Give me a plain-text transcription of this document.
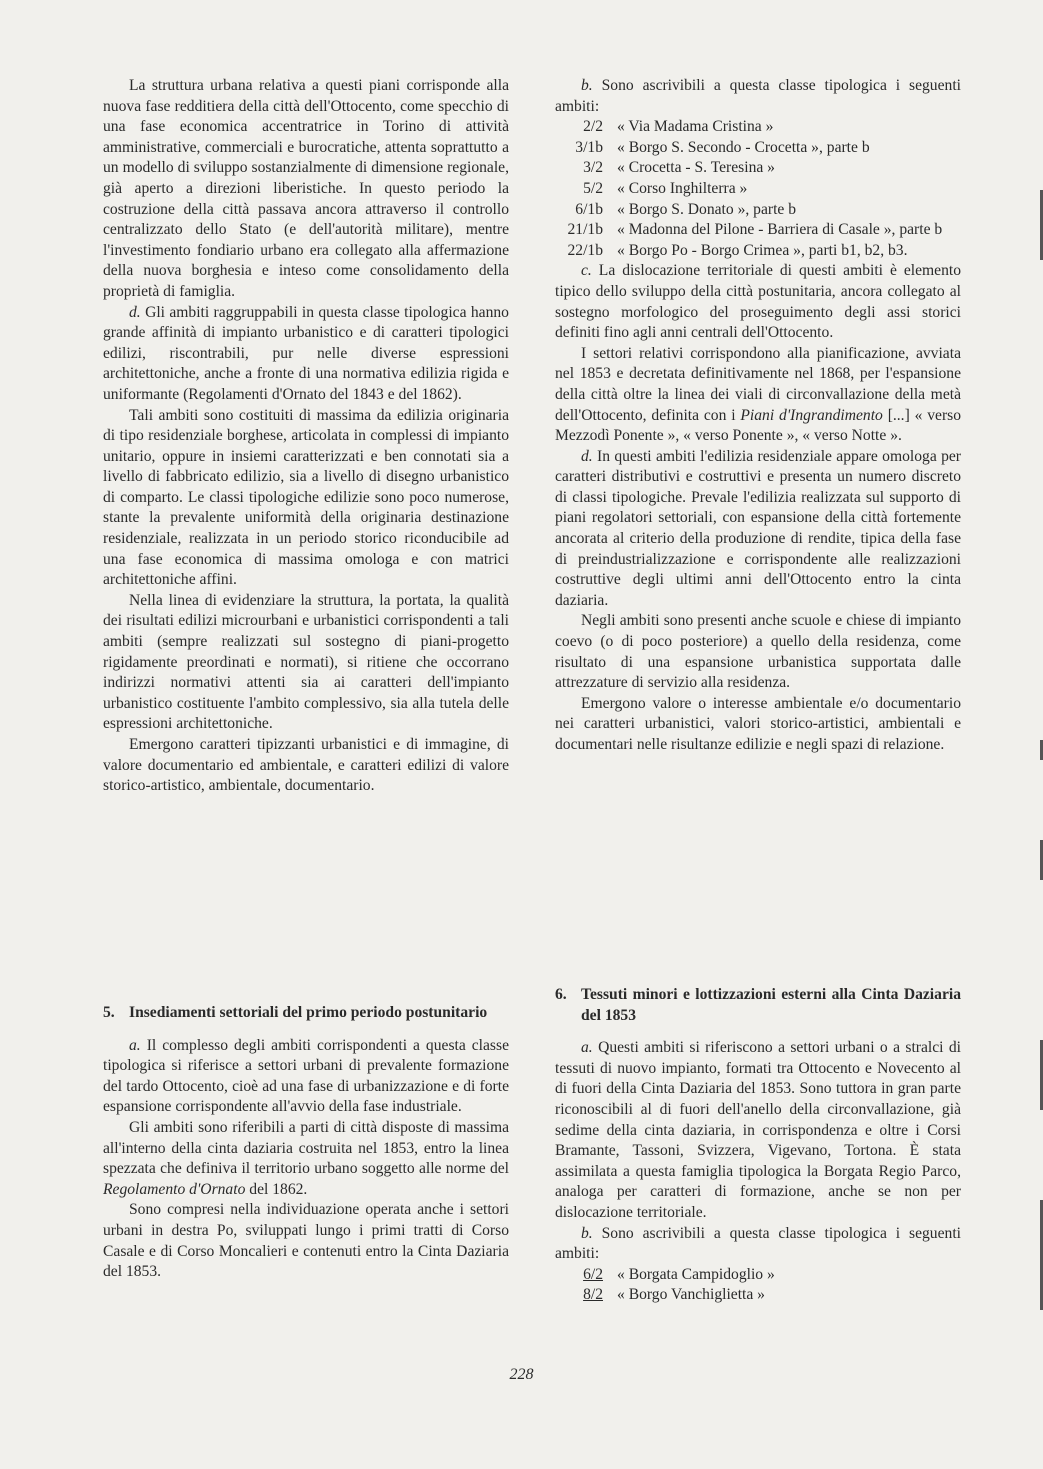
La struttura urbana relativa a questi piani corrisponde alla nuova fase redditiera della città dell'Ottocento, come specchio di una fase economica accentratrice in Torino di attività amministrative, commerciali e burocratiche, attenta soprattutto a un modello di sviluppo sostanzialmente di dimensione regionale, già aperto a direzioni liberistiche. In questo periodo la costruzione della città passava ancora attraverso il controllo centralizzato dello Stato (e dell'autorità militare), mentre l'investimento fondiario urbano era collegato alla affermazione della nuova borghesia e inteso come consolidamento della proprietà di famiglia.

d. Gli ambiti raggruppabili in questa classe tipologica hanno grande affinità di impianto urbanistico e di caratteri tipologici edilizi, riscontrabili, pur nelle diverse espressioni architettoniche, anche a fronte di una normativa edilizia rigida e uniformante (Regolamenti d'Ornato del 1843 e del 1862).

Tali ambiti sono costituiti di massima da edilizia originaria di tipo residenziale borghese, articolata in complessi di impianto unitario, oppure in insiemi caratterizzati e ben connotati sia a livello di fabbricato edilizio, sia a livello di disegno urbanistico di comparto. Le classi tipologiche edilizie sono poco numerose, stante la prevalente uniformità della originaria destinazione residenziale, realizzata in un periodo storico riconducibile ad una fase economica di massima omologa e con matrici architettoniche affini.

Nella linea di evidenziare la struttura, la portata, la qualità dei risultati edilizi microurbani e urbanistici corrispondenti a tali ambiti (sempre realizzati sul sostegno di piani-progetto rigidamente preordinati e normati), si ritiene che occorrano indirizzi normativi attenti sia ai caratteri dell'impianto urbanistico costituente l'ambito complessivo, sia alla tutela delle espressioni architettoniche.

Emergono caratteri tipizzanti urbanistici e di immagine, di valore documentario ed ambientale, e caratteri edilizi di valore storico-artistico, ambientale, documentario.

b. Sono ascrivibili a questa classe tipologica i seguenti ambiti:

2/2 « Via Madama Cristina »
3/1b « Borgo S. Secondo - Crocetta », parte b
3/2 « Crocetta - S. Teresina »
5/2 « Corso Inghilterra »
6/1b « Borgo S. Donato », parte b
21/1b « Madonna del Pilone - Barriera di Casale », parte b
22/1b « Borgo Po - Borgo Crimea », parti b1, b2, b3.

c. La dislocazione territoriale di questi ambiti è elemento tipico dello sviluppo della città postunitaria, ancora collegato al sostegno morfologico del proseguimento degli assi storici definiti fino agli anni centrali dell'Ottocento.

I settori relativi corrispondono alla pianificazione, avviata nel 1853 e decretata definitivamente nel 1868, per l'espansione della città oltre la linea dei viali di circonvallazione della metà dell'Ottocento, definita con i Piani d'Ingrandimento [...] « verso Mezzodì Ponente », « verso Ponente », « verso Notte ».

d. In questi ambiti l'edilizia residenziale appare omologa per caratteri distributivi e costruttivi e presenta un numero discreto di classi tipologiche. Prevale l'edilizia realizzata sul supporto di piani regolatori settoriali, con espansione della città fortemente ancorata al criterio della produzione di rendite, tipica della fase di preindustrializzazione e corrispondente alle realizzazioni costruttive degli ultimi anni dell'Ottocento entro la cinta daziaria.

Negli ambiti sono presenti anche scuole e chiese di impianto coevo (o di poco posteriore) a quello della residenza, come risultato di una espansione urbanistica supportata dalle attrezzature di servizio alla residenza.

Emergono valore o interesse ambientale e/o documentario nei caratteri urbanistici, valori storico-artistici, ambientali e documentari nelle risultanze edilizie e negli spazi di relazione.

5. Insediamenti settoriali del primo periodo postunitario

a. Il complesso degli ambiti corrispondenti a questa classe tipologica si riferisce a settori urbani di prevalente formazione del tardo Ottocento, cioè ad una fase di urbanizzazione e di forte espansione corrispondente all'avvio della fase industriale.

Gli ambiti sono riferibili a parti di città disposte di massima all'interno della cinta daziaria costruita nel 1853, entro la linea spezzata che definiva il territorio urbano soggetto alle norme del Regolamento d'Ornato del 1862.

Sono compresi nella individuazione operata anche i settori urbani in destra Po, sviluppati lungo i primi tratti di Corso Casale e di Corso Moncalieri e contenuti entro la Cinta Daziaria del 1853.

6. Tessuti minori e lottizzazioni esterni alla Cinta Daziaria del 1853

a. Questi ambiti si riferiscono a settori urbani o a stralci di tessuti di nuovo impianto, formati tra Ottocento e Novecento al di fuori della Cinta Daziaria del 1853. Sono tuttora in gran parte riconoscibili al di fuori dell'anello della circonvallazione, già sedime della cinta daziaria, in corrispondenza e oltre i Corsi Bramante, Tassoni, Svizzera, Vigevano, Tortona. È stata assimilata a questa famiglia tipologica la Borgata Regio Parco, analoga per caratteri di formazione, anche se non per dislocazione territoriale.

b. Sono ascrivibili a questa classe tipologica i seguenti ambiti:

6/2 « Borgata Campidoglio »
8/2 « Borgo Vanchiglietta »
228
